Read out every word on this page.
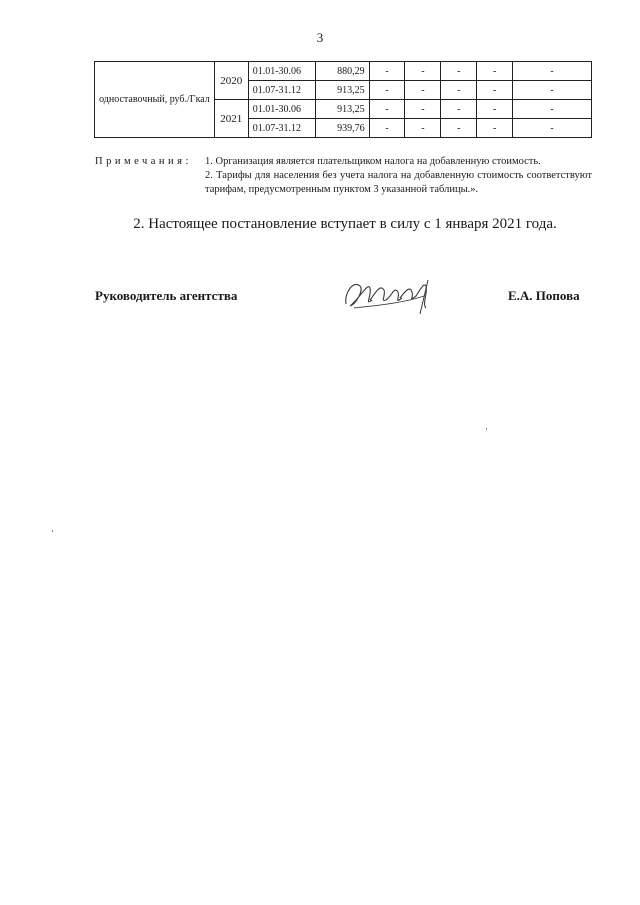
3
одноставочный, руб./Гкал	2020	01.01-30.06	880,29	-	-	-	-	-
		01.07-31.12	913,25	-	-	-	-	-
	2021	01.01-30.06	913,25	-	-	-	-	-
		01.07-31.12	939,76	-	-	-	-	-
Примечания: 1. Организация является плательщиком налога на добавленную стоимость.
2. Тарифы для населения без учета налога на добавленную стоимость соответствуют тарифам, предусмотренным пунктом 3 указанной таблицы.».
2. Настоящее постановление вступает в силу с 1 января 2021 года.
Руководитель агентства	Е.А. Попова
